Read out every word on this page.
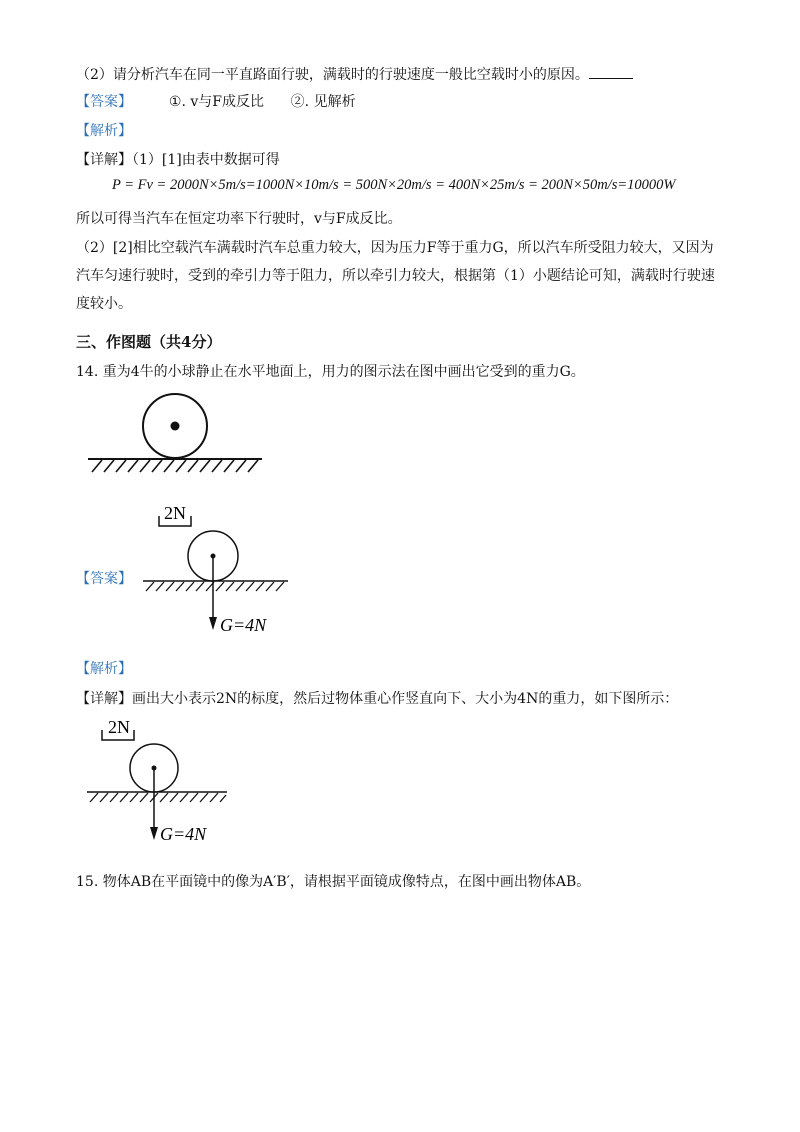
（2）请分析汽车在同一平直路面行驶，满载时的行驶速度一般比空载时小的原因。
【答案】	①. v与F成反比      ②. 见解析
【解析】
【详解】（1）[1]由表中数据可得
P = Fv = 2000N×5m/s=1000N×10m/s = 500N×20m/s = 400N×25m/s = 200N×50m/s=10000W
所以可得当汽车在恒定功率下行驶时，v与F成反比。
（2）[2]相比空载汽车满载时汽车总重力较大，因为压力F等于重力G，所以汽车所受阻力较大，又因为
汽车匀速行驶时，受到的牵引力等于阻力，所以牵引力较大，根据第（1）小题结论可知，满载时行驶速
度较小。
三、作图题（共4分）
14. 重为4牛的小球静止在水平地面上，用力的图示法在图中画出它受到的重力G。
【答案】
2N
G=4N
【解析】
【详解】画出大小表示2N的标度，然后过物体重心作竖直向下、大小为4N的重力，如下图所示：
2N
G=4N
15. 物体AB在平面镜中的像为A′B′，请根据平面镜成像特点，在图中画出物体AB。
